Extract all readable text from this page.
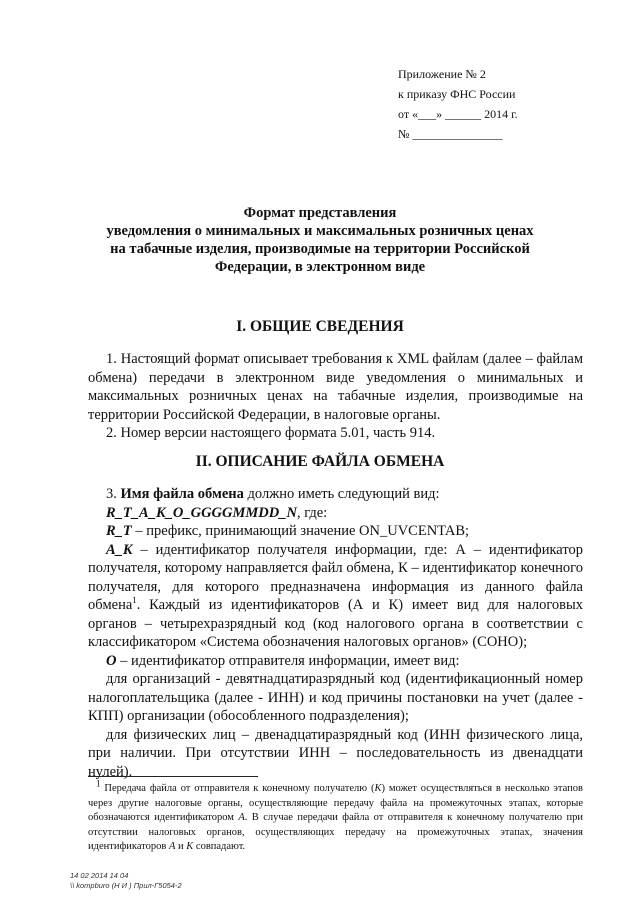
Приложение № 2
к приказу ФНС России
от «___» ______ 2014 г.
№ _______________
Формат представления
уведомления о минимальных и максимальных розничных ценах
на табачные изделия, производимые на территории Российской
Федерации, в электронном виде
I. ОБЩИЕ СВЕДЕНИЯ

1. Настоящий формат описывает требования к XML файлам (далее – файлам обмена) передачи в электронном виде уведомления о минимальных и максимальных розничных ценах на табачные изделия, производимые на территории Российской Федерации, в налоговые органы.

2. Номер версии настоящего формата 5.01, часть 914.

II. ОПИСАНИЕ ФАЙЛА ОБМЕНА

3. Имя файла обмена должно иметь следующий вид:

R_T_A_K_O_GGGGMMDD_N, где:

R_T – префикс, принимающий значение ON_UVCENTAB;

A_K – идентификатор получателя информации, где: А – идентификатор получателя, которому направляется файл обмена, К – идентификатор конечного получателя, для которого предназначена информация из данного файла обмена$^1$. Каждый из идентификаторов (А и К) имеет вид для налоговых органов – четырехразрядный код (код налогового органа в соответствии с классификатором «Система обозначения налоговых органов» (СОНО);

O – идентификатор отправителя информации, имеет вид:

для организаций - девятнадцатиразрядный код (идентификационный номер налогоплательщика (далее - ИНН) и код причины постановки на учет (далее - КПП) организации (обособленного подразделения);

для физических лиц – двенадцатиразрядный код (ИНН физического лица, при наличии. При отсутствии ИНН – последовательность из двенадцати нулей).

$^1$ Передача файла от отправителя к конечному получателю (К) может осуществляться в несколько этапов через другие налоговые органы, осуществляющие передачу файла на промежуточных этапах, которые обозначаются идентификатором А. В случае передачи файла от отправителя к конечному получателю при отсутствии налоговых органов, осуществляющих передачу на промежуточных этапах, значения идентификаторов А и К совпадают.

14 02 2014 14 04
\\ kompburo (Н И ) Прил-Г5054-2
